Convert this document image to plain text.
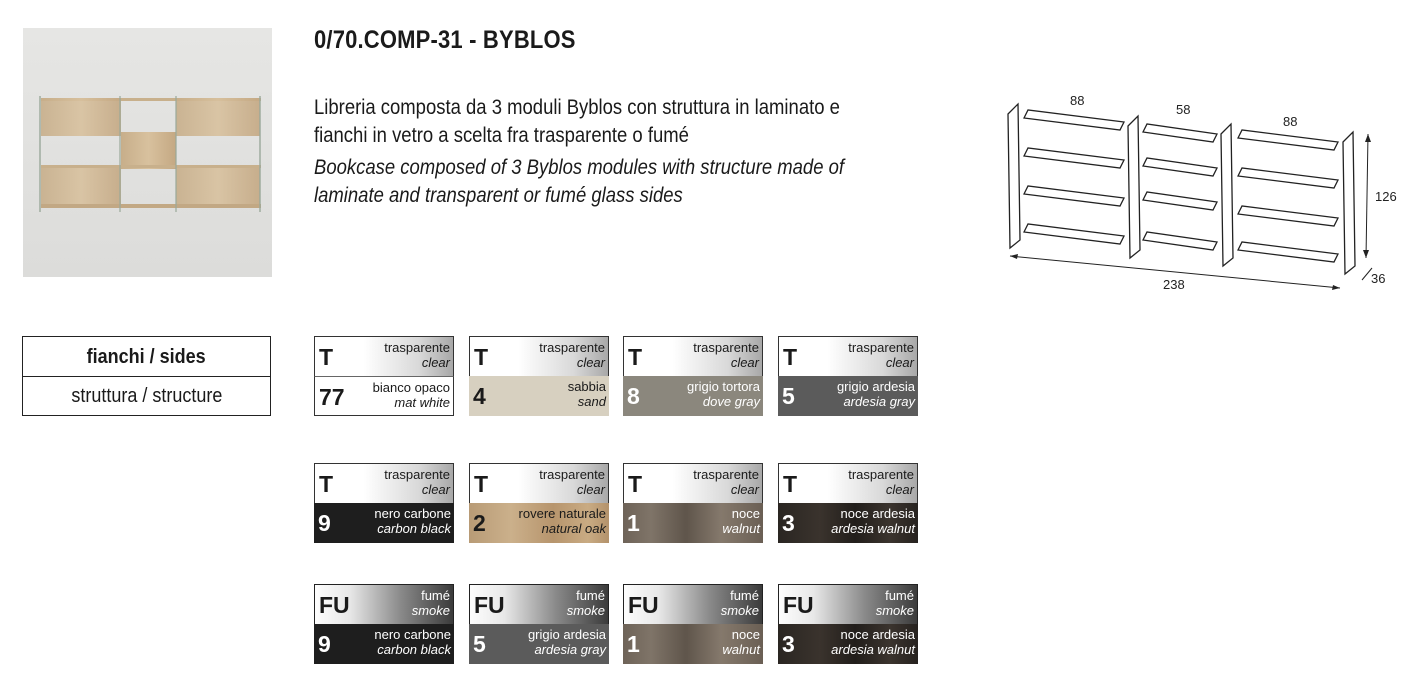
0/70.COMP-31 - BYBLOS

Libreria composta da 3 moduli Byblos con struttura in laminato e

fianchi in vetro a scelta fra trasparente o fumé

Bookcase composed of 3 Byblos modules with structure made of

laminate and transparent or fumé glass sides

88
58
88
126
238	36
fianchi / sides
struttura / structure
T	trasparente
clear
77 bianco opaco
mat white
T	trasparente
clear
4	sabbia
sand
T	trasparente
clear
8	grigio tortora
dove gray
T	trasparente
clear
5	grigio ardesia
ardesia gray
T	trasparente
clear
9	nero carbone
carbon black
T	trasparente
clear
2	rovere naturale
natural oak
T	trasparente
clear
1	noce
walnut
T	trasparente
clear
3	noce ardesia
ardesia walnut
FU	fumé
smoke
9	nero carbone
carbon black
FU	fumé
smoke
5	grigio ardesia
ardesia gray
FU	fumé
smoke
1	noce
walnut
FU	fumé
smoke
3	noce ardesia
ardesia walnut
